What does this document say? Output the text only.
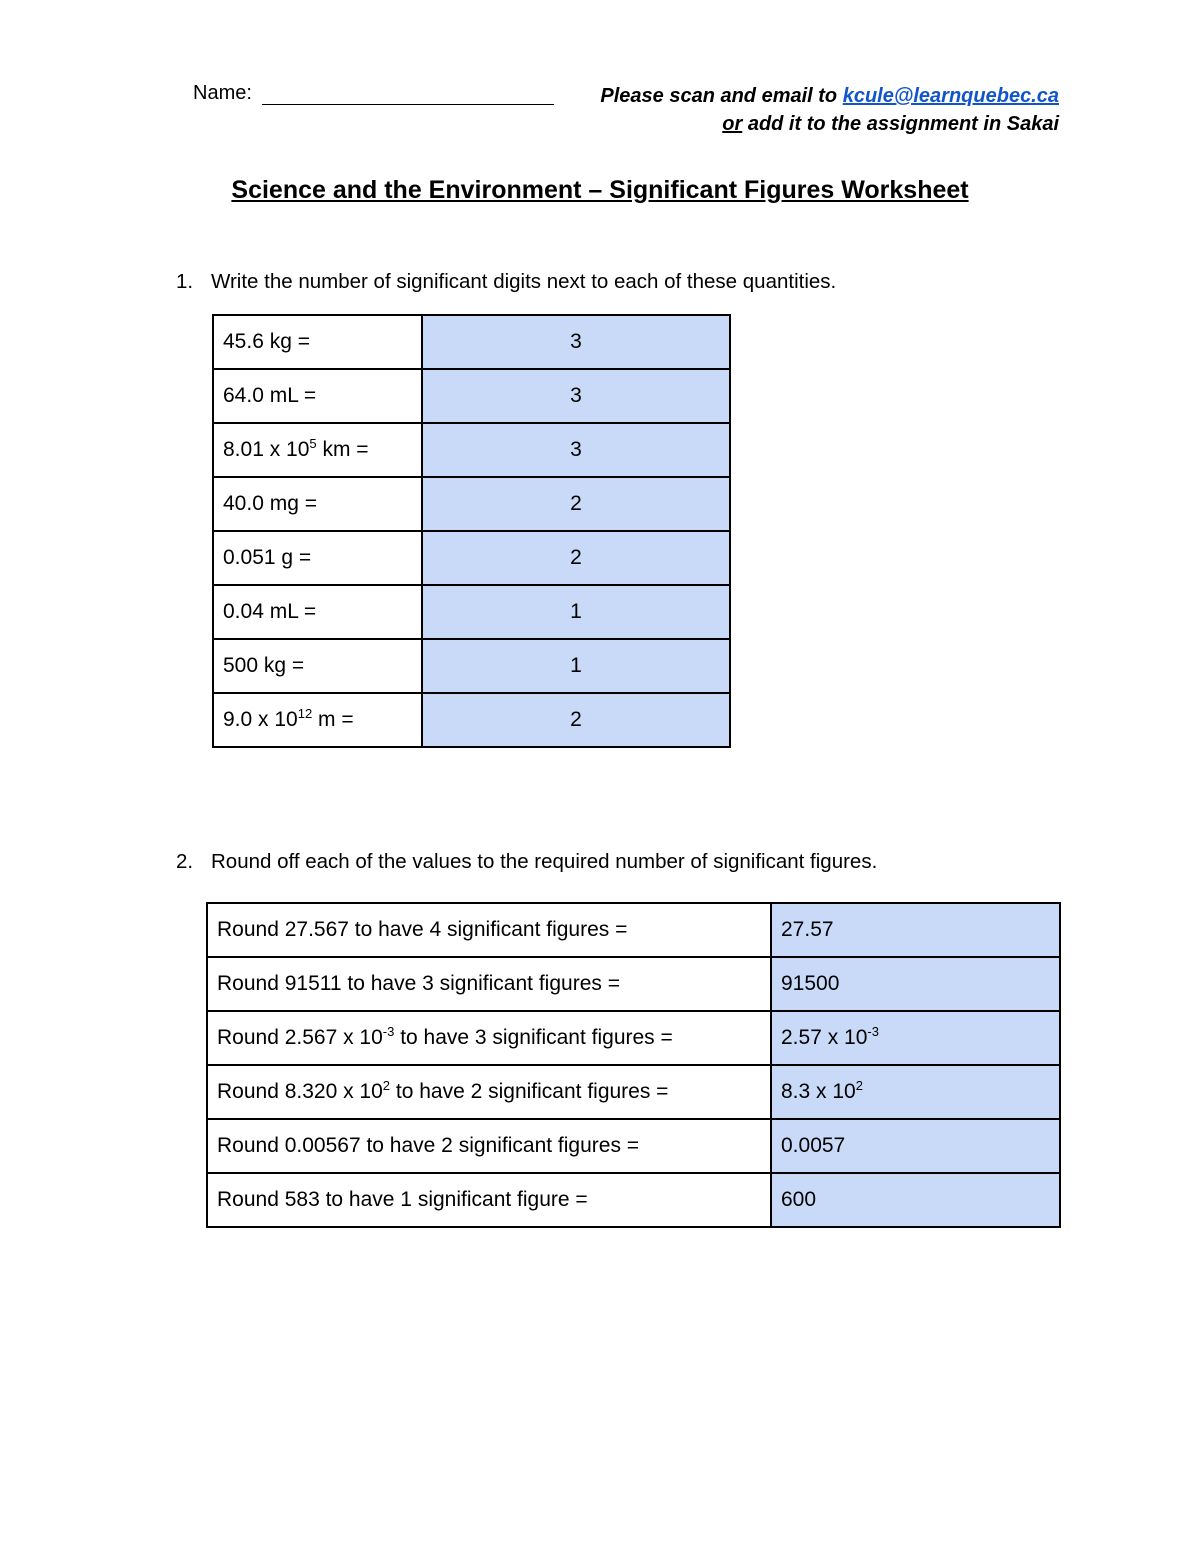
Name:	Please scan and email to kcule@learnquebec.ca
or add it to the assignment in Sakai
Science and the Environment – Significant Figures Worksheet
1. Write the number of significant digits next to each of these quantities.
45.6 kg =	3
64.0 mL =	3
8.01 x $10^5$ km =	3
40.0 mg =	2
0.051 g =	2
0.04 mL =	1
500 kg =	1
9.0 x $10^{12}$ m =	2
2. Round off each of the values to the required number of significant figures.
Round 27.567 to have 4 significant figures =	27.57
Round 91511 to have 3 significant figures =	91500
Round 2.567 x $10^{-3}$ to have 3 significant figures =	2.57 x $10^{-3}$
Round 8.320 x $10^2$ to have 2 significant figures =	8.3 x $10^2$
Round 0.00567 to have 2 significant figures =	0.0057
Round 583 to have 1 significant figure =	600
